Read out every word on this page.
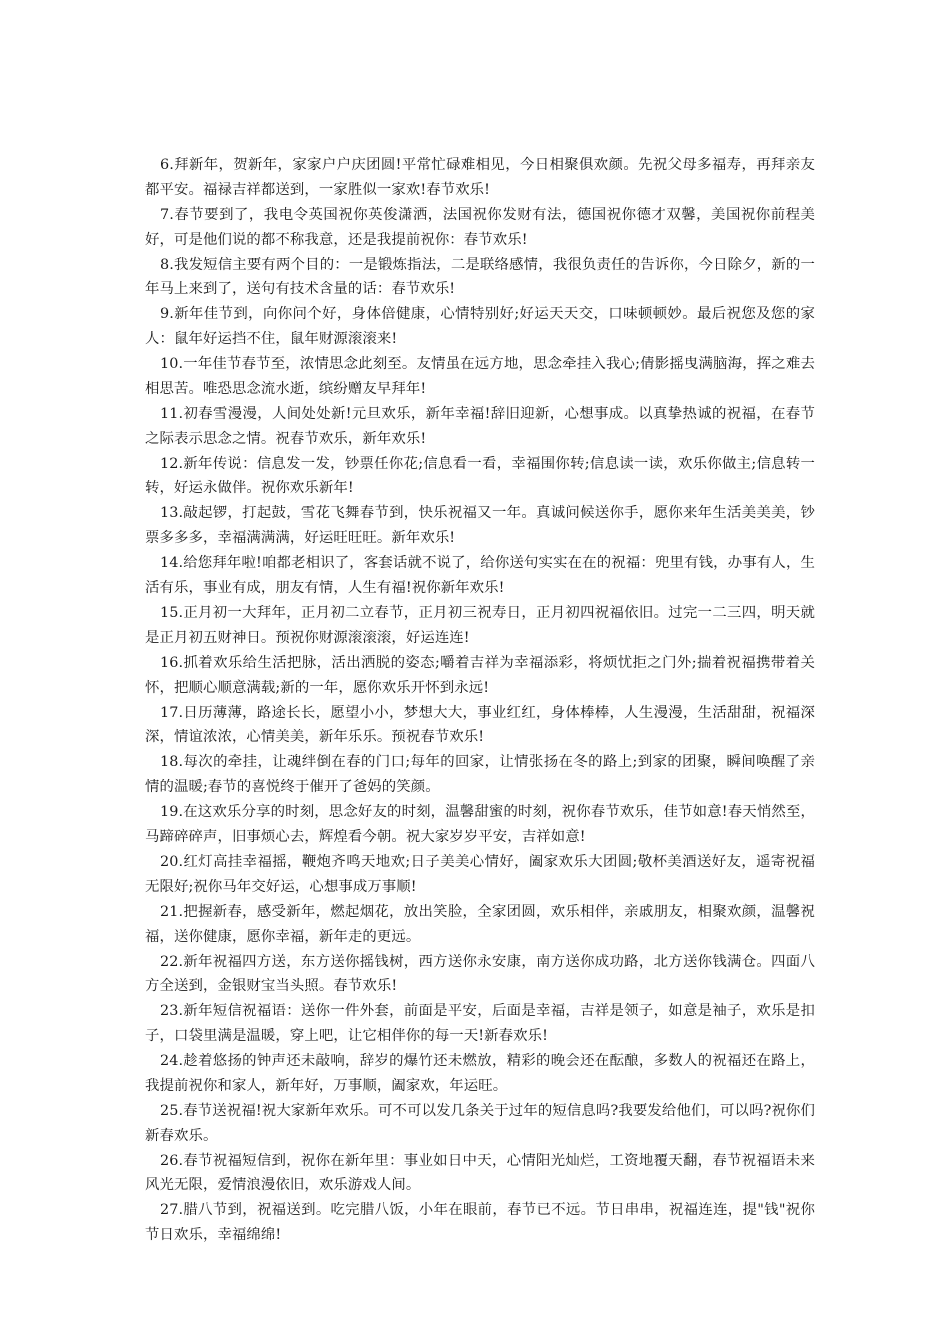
6.拜新年，贺新年，家家户户庆团圆!平常忙碌难相见，今日相聚俱欢颜。先祝父母多福寿，再拜亲友都平安。福禄吉祥都送到，一家胜似一家欢!春节欢乐!

7.春节要到了，我电令英国祝你英俊潇洒，法国祝你发财有法，德国祝你德才双馨，美国祝你前程美好，可是他们说的都不称我意，还是我提前祝你：春节欢乐!

8.我发短信主要有两个目的：一是锻炼指法，二是联络感情，我很负责任的告诉你，今日除夕，新的一年马上来到了，送句有技术含量的话：春节欢乐!

9.新年佳节到，向你问个好，身体倍健康，心情特别好;好运天天交，口味顿顿妙。最后祝您及您的家人：鼠年好运挡不住，鼠年财源滚滚来!

10.一年佳节春节至，浓情思念此刻至。友情虽在远方地，思念牵挂入我心;倩影摇曳满脑海，挥之难去相思苦。唯恐思念流水逝，缤纷赠友早拜年!

11.初春雪漫漫，人间处处新!元旦欢乐，新年幸福!辞旧迎新，心想事成。以真挚热诚的祝福，在春节之际表示思念之情。祝春节欢乐，新年欢乐!

12.新年传说：信息发一发，钞票任你花;信息看一看，幸福围你转;信息读一读，欢乐你做主;信息转一转，好运永做伴。祝你欢乐新年!

13.敲起锣，打起鼓，雪花飞舞春节到，快乐祝福又一年。真诚问候送你手，愿你来年生活美美美，钞票多多多，幸福满满满，好运旺旺旺。新年欢乐!

14.给您拜年啦!咱都老相识了，客套话就不说了，给你送句实实在在的祝福：兜里有钱，办事有人，生活有乐，事业有成，朋友有情，人生有福!祝你新年欢乐!

15.正月初一大拜年，正月初二立春节，正月初三祝寿日，正月初四祝福依旧。过完一二三四，明天就是正月初五财神日。预祝你财源滚滚滚，好运连连!

16.抓着欢乐给生活把脉，活出洒脱的姿态;嚼着吉祥为幸福添彩，将烦忧拒之门外;揣着祝福携带着关怀，把顺心顺意满载;新的一年，愿你欢乐开怀到永远!

17.日历薄薄，路途长长，愿望小小，梦想大大，事业红红，身体棒棒，人生漫漫，生活甜甜，祝福深深，情谊浓浓，心情美美，新年乐乐。预祝春节欢乐!

18.每次的牵挂，让魂绊倒在春的门口;每年的回家，让情张扬在冬的路上;到家的团聚，瞬间唤醒了亲情的温暖;春节的喜悦终于催开了爸妈的笑颜。

19.在这欢乐分享的时刻，思念好友的时刻，温馨甜蜜的时刻，祝你春节欢乐，佳节如意!春天悄然至，马蹄碎碎声，旧事烦心去，辉煌看今朝。祝大家岁岁平安，吉祥如意!

20.红灯高挂幸福摇，鞭炮齐鸣天地欢;日子美美心情好，阖家欢乐大团圆;敬杯美酒送好友，遥寄祝福无限好;祝你马年交好运，心想事成万事顺!

21.把握新春，感受新年，燃起烟花，放出笑脸，全家团圆，欢乐相伴，亲戚朋友，相聚欢颜，温馨祝福，送你健康，愿你幸福，新年走的更远。

22.新年祝福四方送，东方送你摇钱树，西方送你永安康，南方送你成功路，北方送你钱满仓。四面八方全送到，金银财宝当头照。春节欢乐!

23.新年短信祝福语：送你一件外套，前面是平安，后面是幸福，吉祥是领子，如意是袖子，欢乐是扣子，口袋里满是温暖，穿上吧，让它相伴你的每一天!新春欢乐!

24.趁着悠扬的钟声还未敲响，辞岁的爆竹还未燃放，精彩的晚会还在酝酿，多数人的祝福还在路上，我提前祝你和家人，新年好，万事顺，阖家欢，年运旺。

25.春节送祝福!祝大家新年欢乐。可不可以发几条关于过年的短信息吗?我要发给他们，可以吗?祝你们新春欢乐。

26.春节祝福短信到，祝你在新年里：事业如日中天，心情阳光灿烂，工资地覆天翻，春节祝福语未来风光无限，爱情浪漫依旧，欢乐游戏人间。

27.腊八节到，祝福送到。吃完腊八饭，小年在眼前，春节已不远。节日串串，祝福连连，提"钱"祝你节日欢乐，幸福绵绵!
